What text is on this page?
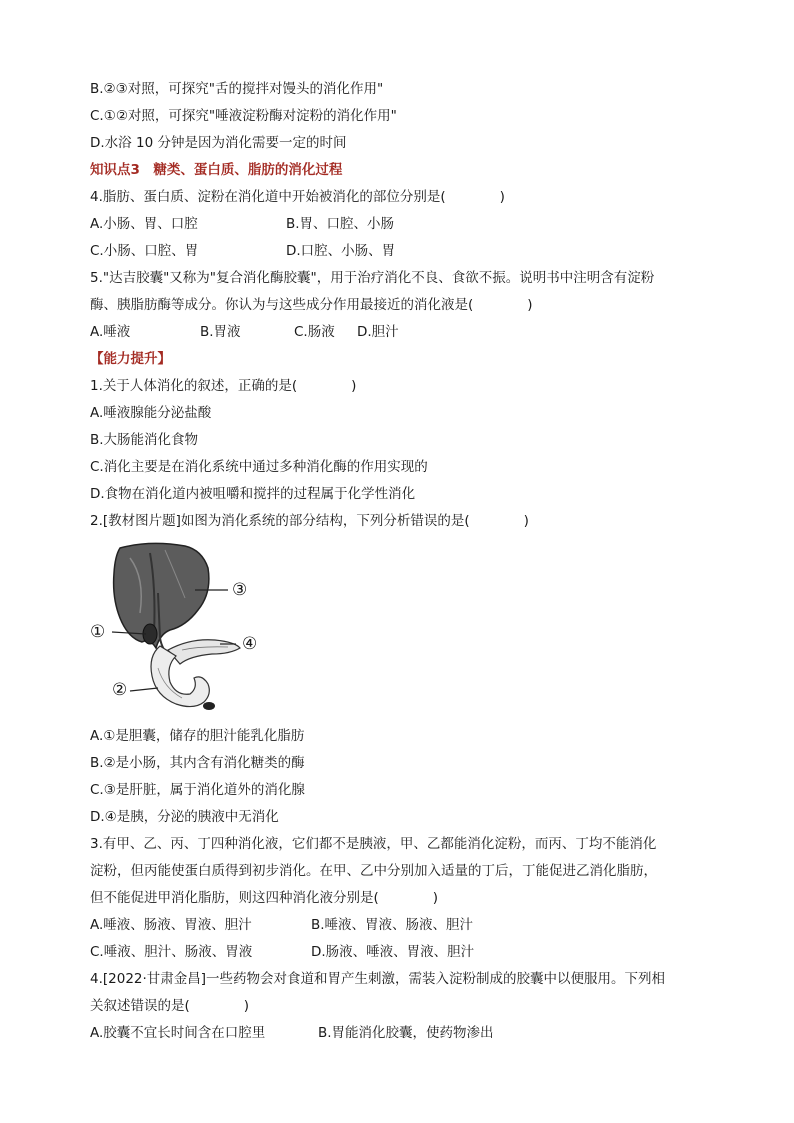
B.②③对照，可探究"舌的搅拌对馒头的消化作用"
C.①②对照，可探究"唾液淀粉酶对淀粉的消化作用"
D.水浴 10 分钟是因为消化需要一定的时间
知识点3　糖类、蛋白质、脂肪的消化过程
4.脂肪、蛋白质、淀粉在消化道中开始被消化的部位分别是(　　　　)
A.小肠、胃、口腔	B.胃、口腔、小肠
C.小肠、口腔、胃	D.口腔、小肠、胃
5."达吉胶囊"又称为"复合消化酶胶囊"，用于治疗消化不良、食欲不振。说明书中注明含有淀粉
酶、胰脂肪酶等成分。你认为与这些成分作用最接近的消化液是(　　　　)
A.唾液	B.胃液	C.肠液 D.胆汁
【能力提升】
1.关于人体消化的叙述，正确的是(　　　　)
A.唾液腺能分泌盐酸
B.大肠能消化食物
C.消化主要是在消化系统中通过多种消化酶的作用实现的
D.食物在消化道内被咀嚼和搅拌的过程属于化学性消化
2.[教材图片题]如图为消化系统的部分结构，下列分析错误的是(　　　　)
①
②
③
④
A.①是胆囊，储存的胆汁能乳化脂肪
B.②是小肠，其内含有消化糖类的酶
C.③是肝脏，属于消化道外的消化腺
D.④是胰，分泌的胰液中无消化
3.有甲、乙、丙、丁四种消化液，它们都不是胰液，甲、乙都能消化淀粉，而丙、丁均不能消化
淀粉，但丙能使蛋白质得到初步消化。在甲、乙中分别加入适量的丁后，丁能促进乙消化脂肪，
但不能促进甲消化脂肪，则这四种消化液分别是(　　　　)
A.唾液、肠液、胃液、胆汁	B.唾液、胃液、肠液、胆汁
C.唾液、胆汁、肠液、胃液	D.肠液、唾液、胃液、胆汁
4.[2022·甘肃金昌]一些药物会对食道和胃产生刺激，需装入淀粉制成的胶囊中以便服用。下列相
关叙述错误的是(　　　　)
A.胶囊不宜长时间含在口腔里	B.胃能消化胶囊，使药物渗出
